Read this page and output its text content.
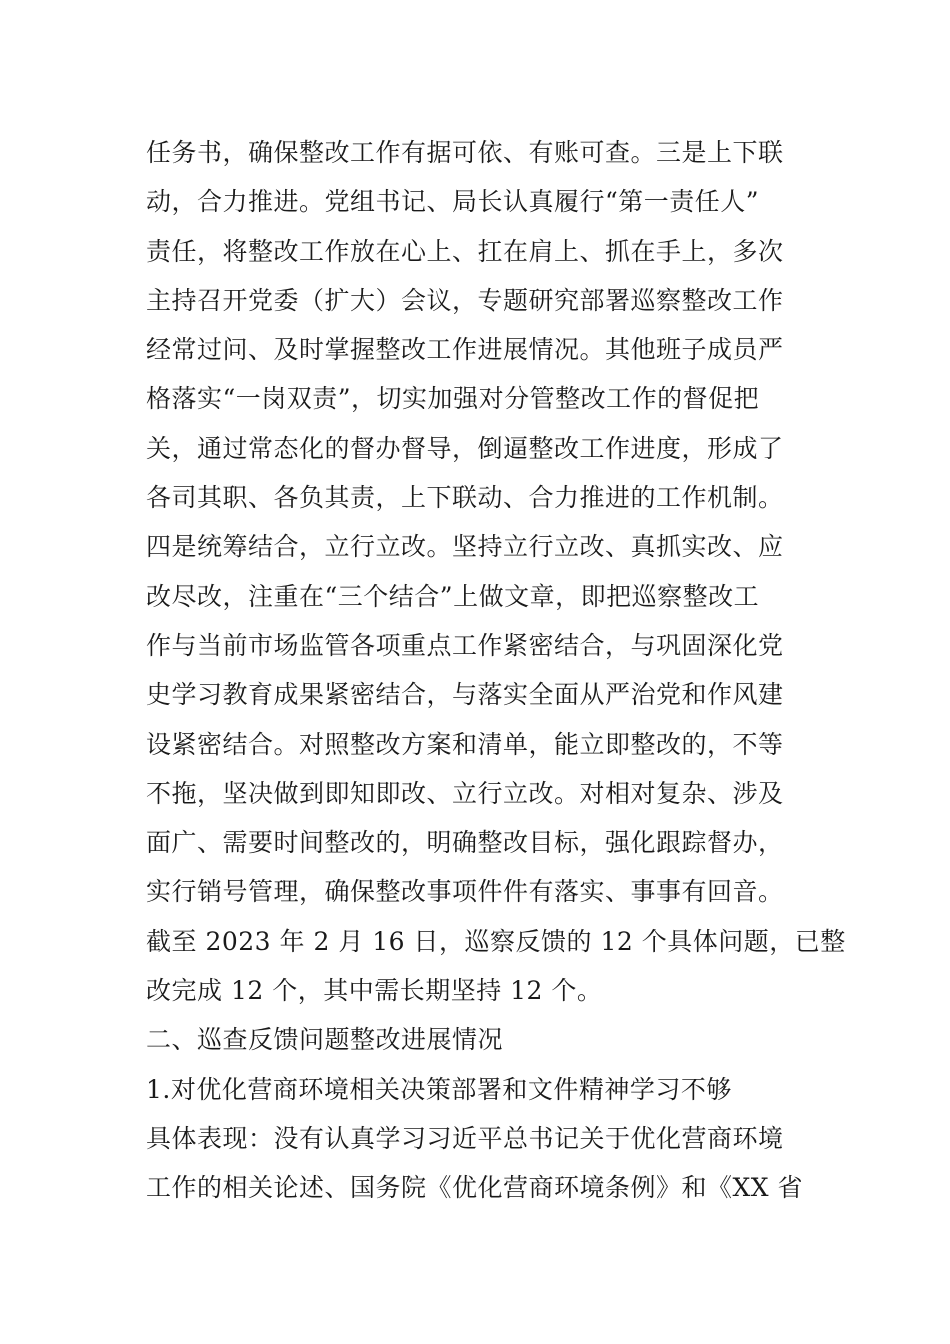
任务书，确保整改工作有据可依、有账可查。三是上下联
动，合力推进。党组书记、局长认真履行“第一责任人”
责任，将整改工作放在心上、扛在肩上、抓在手上，多次
主持召开党委（扩大）会议，专题研究部署巡察整改工作
经常过问、及时掌握整改工作进展情况。其他班子成员严
格落实“一岗双责”，切实加强对分管整改工作的督促把
关，通过常态化的督办督导，倒逼整改工作进度，形成了
各司其职、各负其责，上下联动、合力推进的工作机制。
四是统筹结合，立行立改。坚持立行立改、真抓实改、应
改尽改，注重在“三个结合”上做文章，即把巡察整改工
作与当前市场监管各项重点工作紧密结合，与巩固深化党
史学习教育成果紧密结合，与落实全面从严治党和作风建
设紧密结合。对照整改方案和清单，能立即整改的，不等
不拖，坚决做到即知即改、立行立改。对相对复杂、涉及
面广、需要时间整改的，明确整改目标，强化跟踪督办，
实行销号管理，确保整改事项件件有落实、事事有回音。
截至 2023 年 2 月 16 日，巡察反馈的 12 个具体问题，已整
改完成 12 个，其中需长期坚持 12 个。
二、巡查反馈问题整改进展情况
1.对优化营商环境相关决策部署和文件精神学习不够
具体表现：没有认真学习习近平总书记关于优化营商环境
工作的相关论述、国务院《优化营商环境条例》和《XX 省
